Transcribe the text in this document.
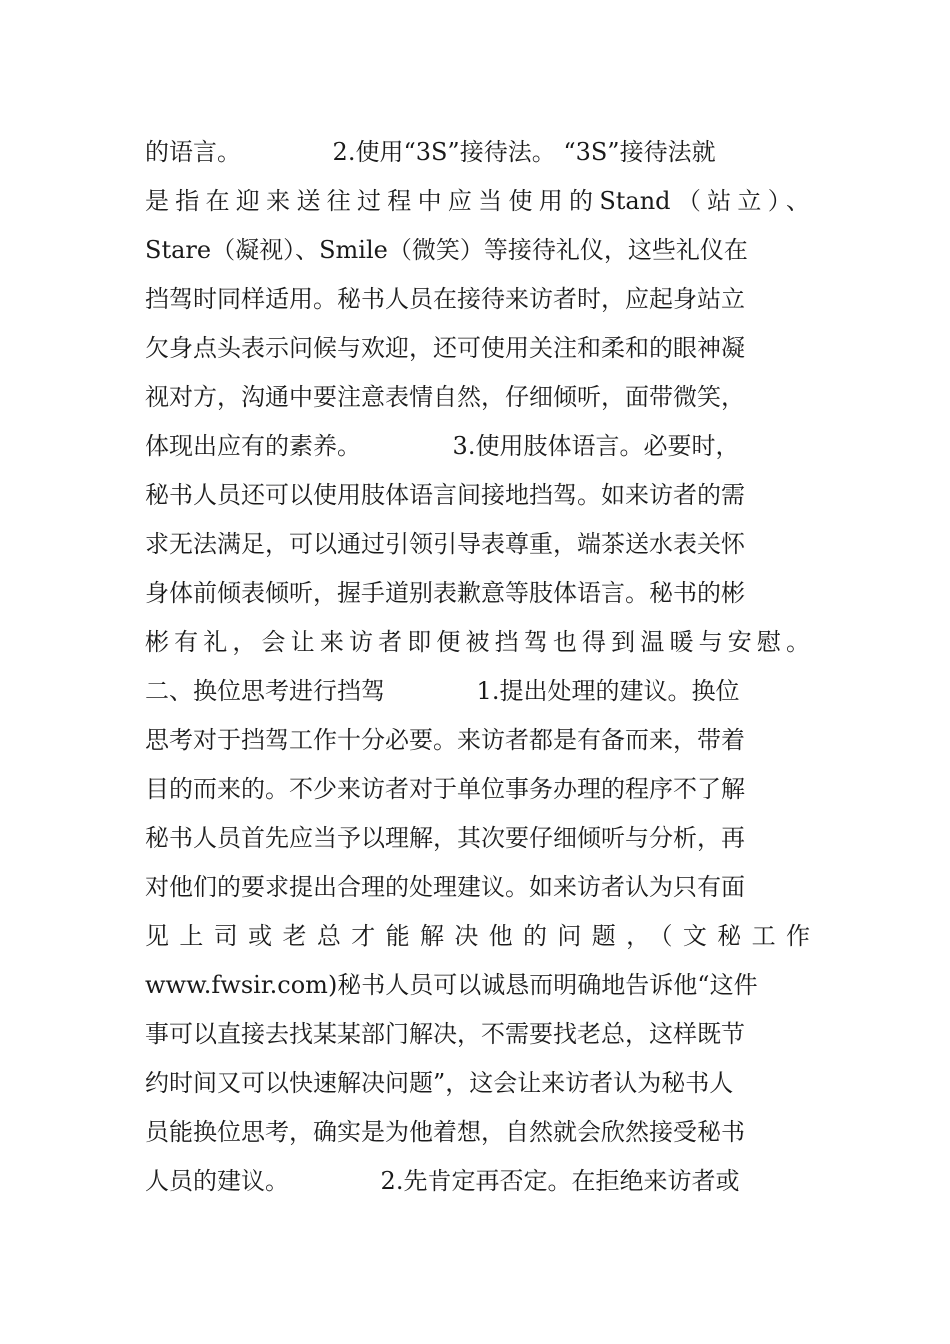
的语言。            2.使用“3S”接待法。 “3S”接待法就
是指在迎来送往过程中应当使用的Stand（站立）、
Stare（凝视）、Smile（微笑）等接待礼仪，这些礼仪在
挡驾时同样适用。秘书人员在接待来访者时，应起身站立
欠身点头表示问候与欢迎，还可使用关注和柔和的眼神凝
视对方，沟通中要注意表情自然，仔细倾听，面带微笑，
体现出应有的素养。            3.使用肢体语言。必要时，
秘书人员还可以使用肢体语言间接地挡驾。如来访者的需
求无法满足，可以通过引领引导表尊重，端茶送水表关怀
身体前倾表倾听，握手道别表歉意等肢体语言。秘书的彬
彬有礼，会让来访者即便被挡驾也得到温暖与安慰。
二、换位思考进行挡驾            1.提出处理的建议。换位
思考对于挡驾工作十分必要。来访者都是有备而来，带着
目的而来的。不少来访者对于单位事务办理的程序不了解
秘书人员首先应当予以理解，其次要仔细倾听与分析，再
对他们的要求提出合理的处理建议。如来访者认为只有面
见上司或老总才能解决他的问题，（文秘工作
www.fwsir.com)秘书人员可以诚恳而明确地告诉他“这件
事可以直接去找某某部门解决，不需要找老总，这样既节
约时间又可以快速解决问题”，这会让来访者认为秘书人
员能换位思考，确实是为他着想，自然就会欣然接受秘书
人员的建议。            2.先肯定再否定。在拒绝来访者或
